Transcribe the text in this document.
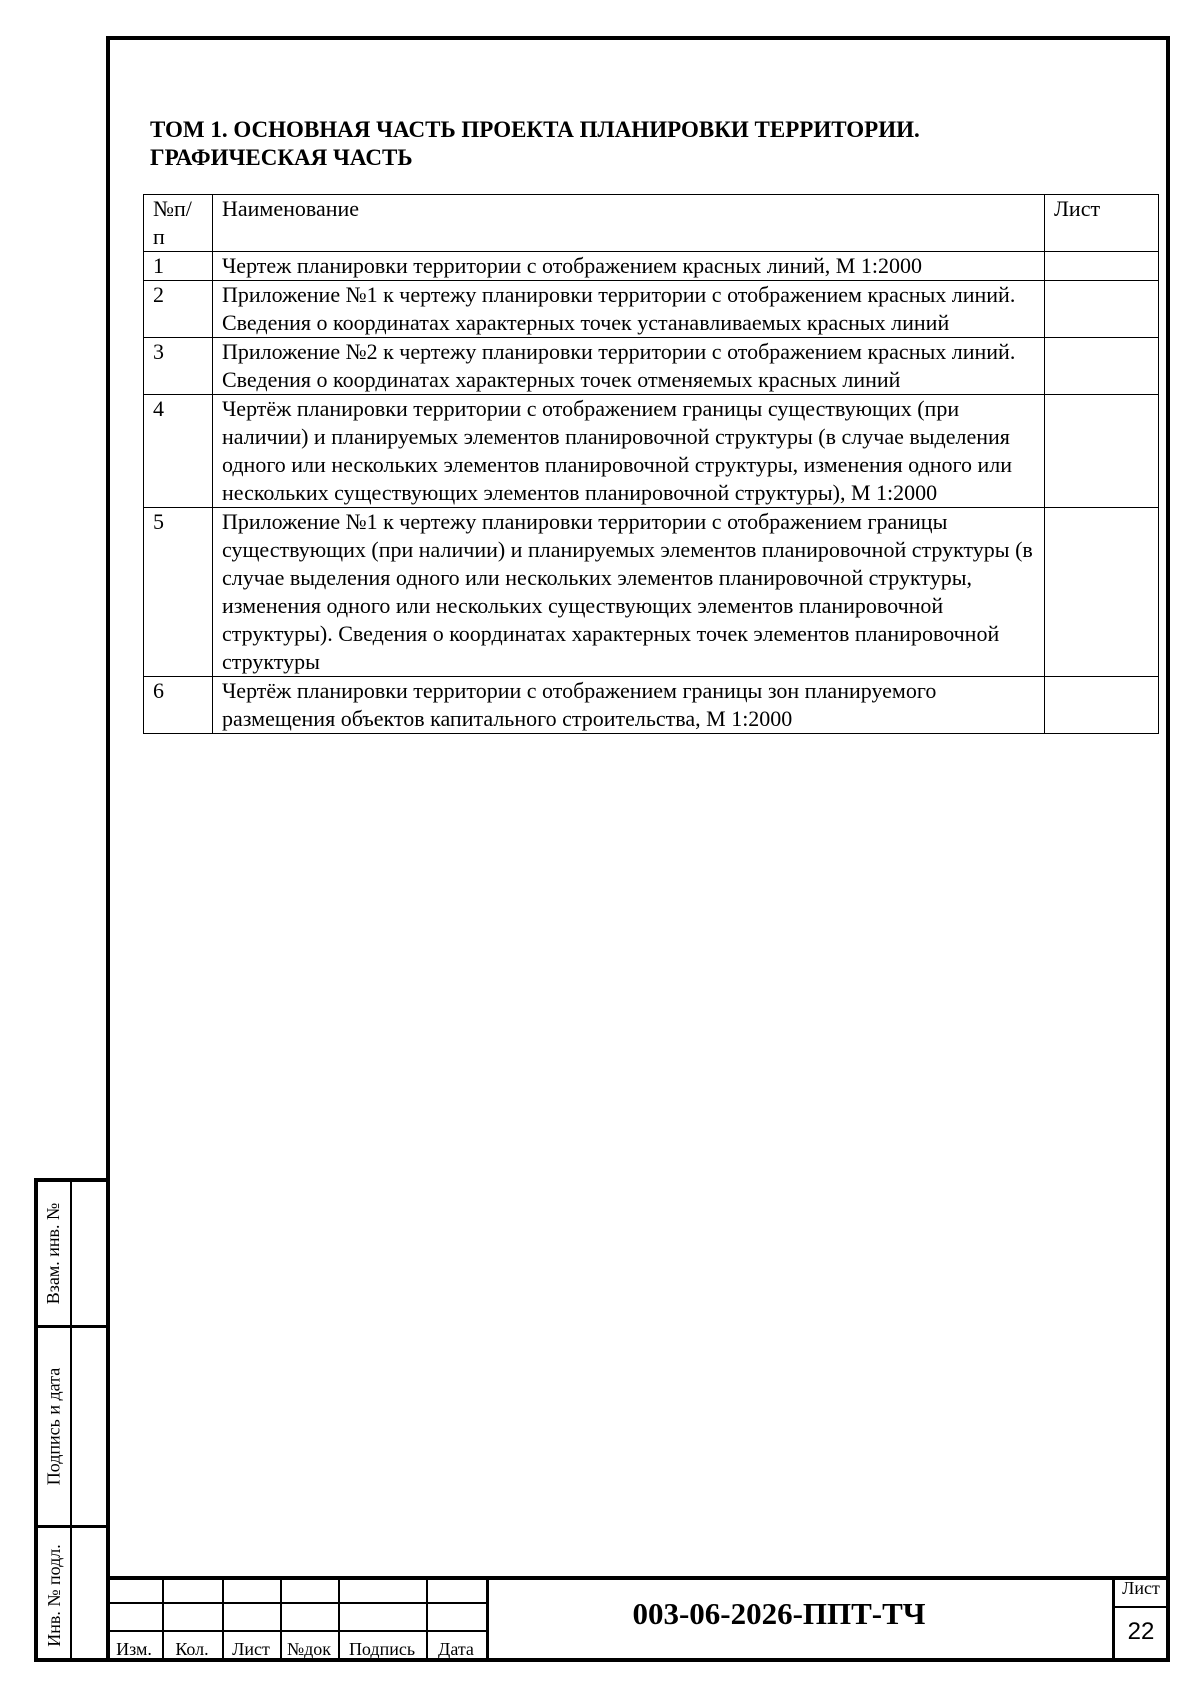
ТОМ 1. ОСНОВНАЯ ЧАСТЬ ПРОЕКТА ПЛАНИРОВКИ ТЕРРИТОРИИ.
ГРАФИЧЕСКАЯ ЧАСТЬ
№п/п	Наименование	Лист
1	Чертеж планировки территории с отображением красных линий, М 1:2000	
2	Приложение №1 к чертежу планировки территории с отображением красных линий. Сведения о координатах характерных точек устанавливаемых красных линий	
3	Приложение №2 к чертежу планировки территории с отображением красных линий. Сведения о координатах характерных точек отменяемых красных линий	
4	Чертёж планировки территории с отображением границы существующих (при наличии) и планируемых элементов планировочной структуры (в случае выделения одного или нескольких элементов планировочной структуры, изменения одного или нескольких существующих элементов планировочной структуры), М 1:2000	
5	Приложение №1 к чертежу планировки территории с отображением границы существующих (при наличии) и планируемых элементов планировочной структуры (в случае выделения одного или нескольких элементов планировочной структуры, изменения одного или нескольких существующих элементов планировочной структуры). Сведения о координатах характерных точек элементов планировочной структуры	
6	Чертёж планировки территории с отображением границы зон планируемого размещения объектов капитального строительства, М 1:2000	
Взам. инв. №
Подпись и дата
Инв. № подл.
Изм.	Кол.	Лист №док Подпись	Дата
003-06-2026-ППТ-ТЧ
Лист
22
